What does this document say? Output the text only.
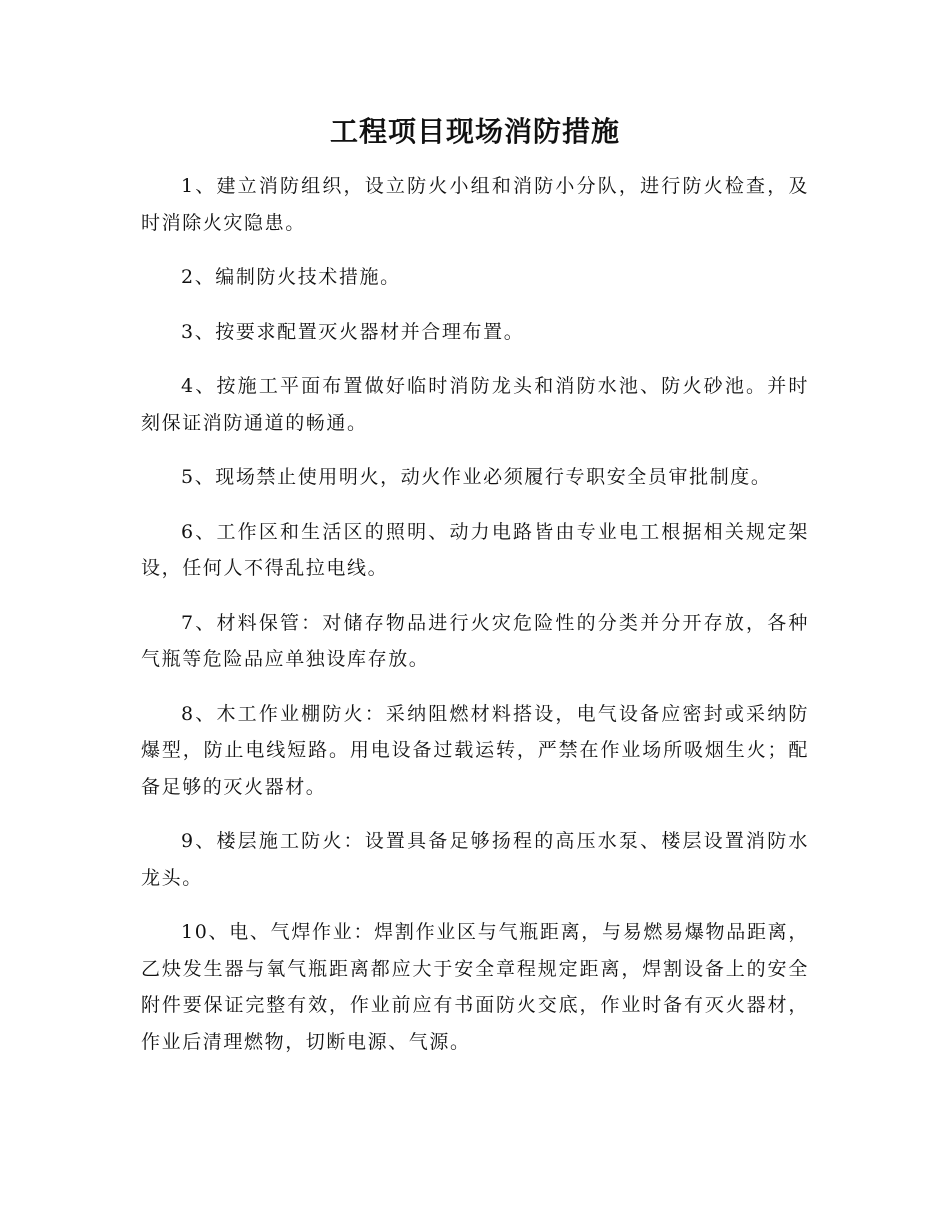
工程项目现场消防措施

1、建立消防组织，设立防火小组和消防小分队，进行防火检查，及时消除火灾隐患。

2、编制防火技术措施。

3、按要求配置灭火器材并合理布置。

4、按施工平面布置做好临时消防龙头和消防水池、防火砂池。并时刻保证消防通道的畅通。

5、现场禁止使用明火，动火作业必须履行专职安全员审批制度。

6、工作区和生活区的照明、动力电路皆由专业电工根据相关规定架设，任何人不得乱拉电线。

7、材料保管：对储存物品进行火灾危险性的分类并分开存放，各种气瓶等危险品应单独设库存放。

8、木工作业棚防火：采纳阻燃材料搭设，电气设备应密封或采纳防爆型，防止电线短路。用电设备过载运转，严禁在作业场所吸烟生火；配备足够的灭火器材。

9、楼层施工防火：设置具备足够扬程的高压水泵、楼层设置消防水龙头。

10、电、气焊作业：焊割作业区与气瓶距离，与易燃易爆物品距离，乙炔发生器与氧气瓶距离都应大于安全章程规定距离，焊割设备上的安全附件要保证完整有效，作业前应有书面防火交底，作业时备有灭火器材，作业后清理燃物，切断电源、气源。
